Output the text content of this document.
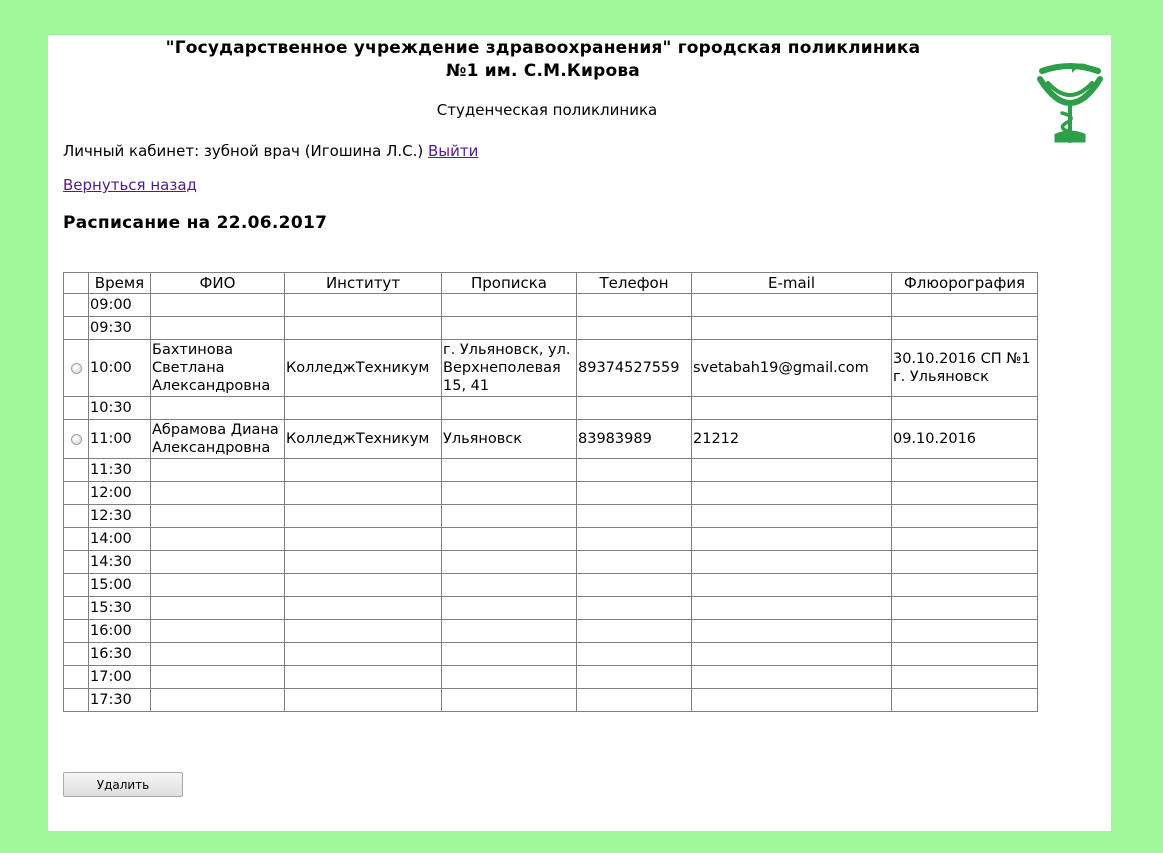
"Государственное учреждение здравоохранения" городская поликлиника
№1 им. С.М.Кирова
Студенческая поликлиника
Личный кабинет: зубной врач (Игошина Л.С.) Выйти
Вернуться назад
Расписание на 22.06.2017
	Время	ФИО	Институт	Прописка	Телефон	E-mail	Флюорография
	09:00						
	09:30						
	10:00	Бахтинова Светлана Александровна	КолледжТехникум	г. Ульяновск, ул. Верхнеполевая 15, 41	89374527559	svetabah19@gmail.com	30.10.2016 СП №1 г. Ульяновск
	10:30						
	11:00	Абрамова Диана Александровна	КолледжТехникум	Ульяновск	83983989	21212	09.10.2016
	11:30						
	12:00						
	12:30						
	14:00						
	14:30						
	15:00						
	15:30						
	16:00						
	16:30						
	17:00						
	17:30						
Удалить
